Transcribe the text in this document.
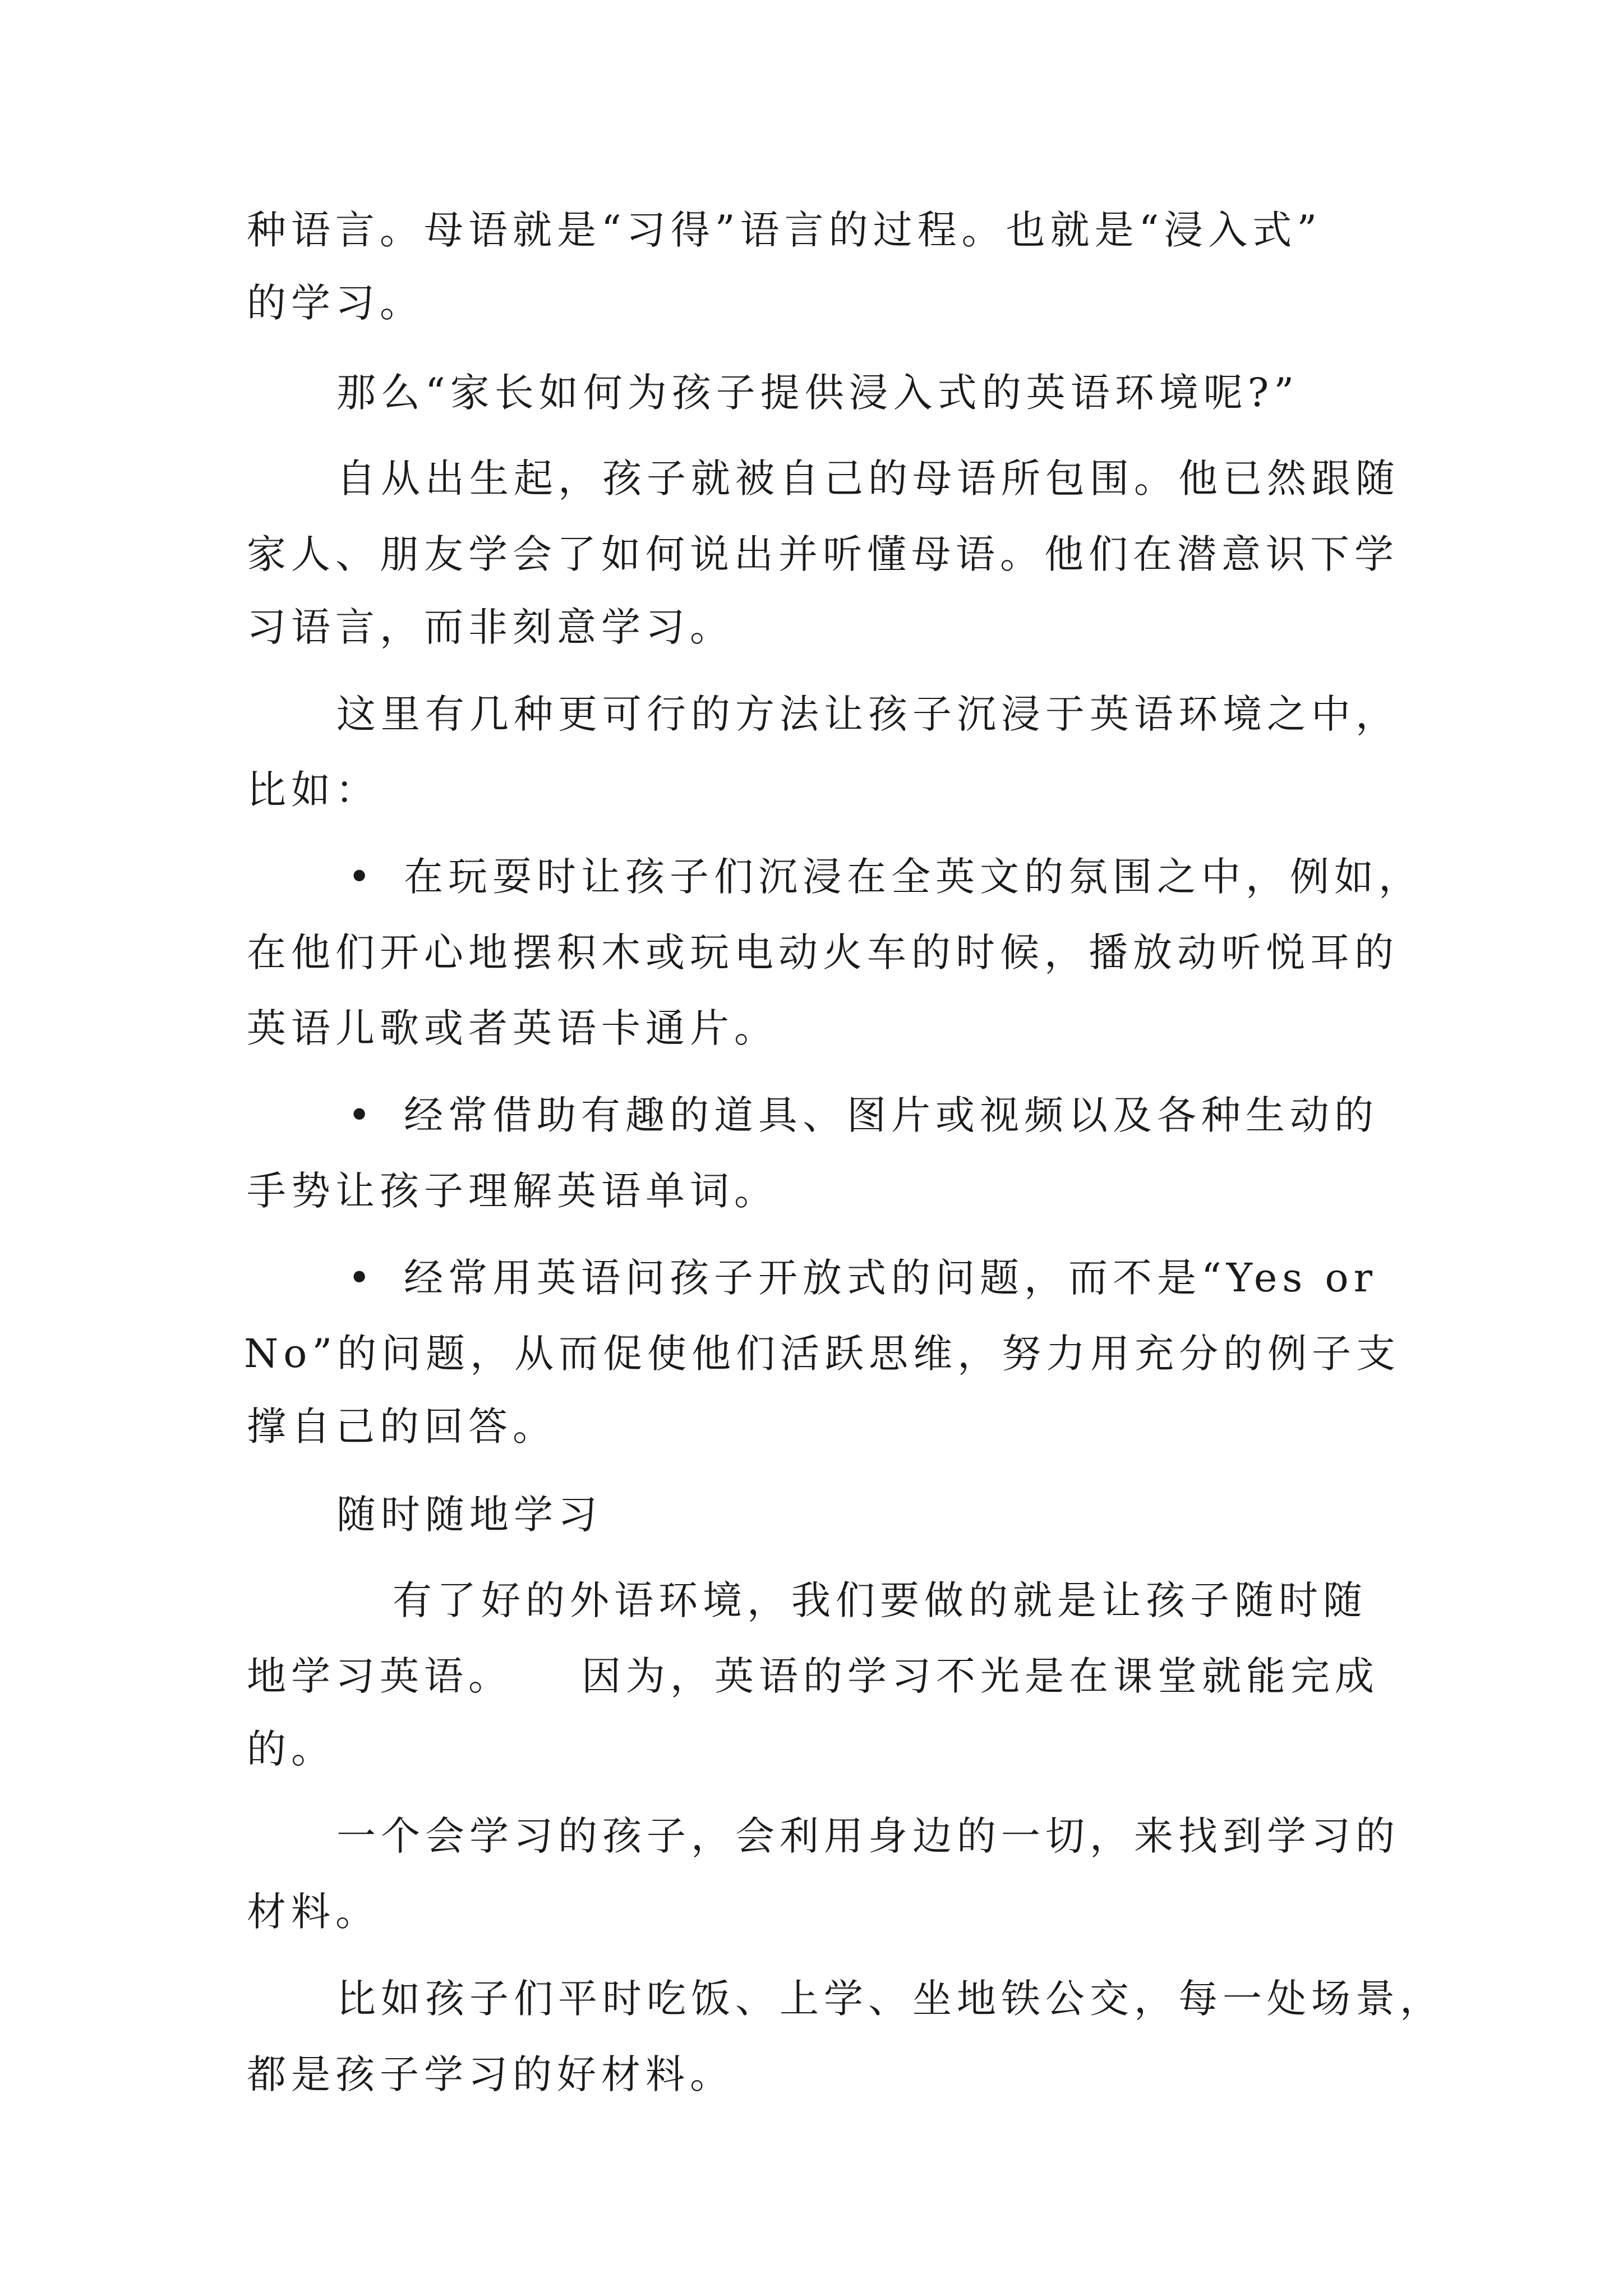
种语言。母语就是“习得”语言的过程。也就是“浸入式”
的学习。
那么“家长如何为孩子提供浸入式的英语环境呢?”
自从出生起，孩子就被自己的母语所包围。他已然跟随
家人、朋友学会了如何说出并听懂母语。他们在潜意识下学
习语言，而非刻意学习。
这里有几种更可行的方法让孩子沉浸于英语环境之中，
比如：
• 在玩耍时让孩子们沉浸在全英文的氛围之中，例如，
在他们开心地摆积木或玩电动火车的时候，播放动听悦耳的
英语儿歌或者英语卡通片。
• 经常借助有趣的道具、图片或视频以及各种生动的
手势让孩子理解英语单词。
• 经常用英语问孩子开放式的问题，而不是“Yes or
No”的问题，从而促使他们活跃思维，努力用充分的例子支
撑自己的回答。
随时随地学习
有了好的外语环境，我们要做的就是让孩子随时随
地学习英语。　　因为，英语的学习不光是在课堂就能完成
的。
一个会学习的孩子，会利用身边的一切，来找到学习的
材料。
比如孩子们平时吃饭、上学、坐地铁公交，每一处场景，
都是孩子学习的好材料。
